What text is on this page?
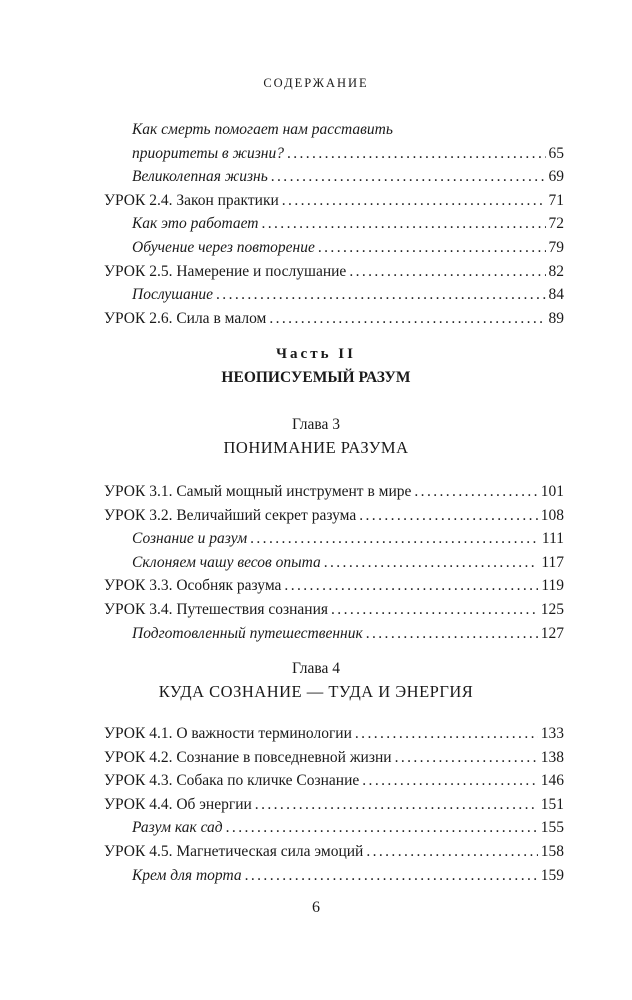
СОДЕРЖАНИЕ
Как смерть помогает нам расставить
приоритеты в жизни? .....	65
Великолепная жизнь .....	69
УРОК 2.4. Закон практики .....	71
Как это работает .....	72
Обучение через повторение .....	79
УРОК 2.5. Намерение и послушание .....	82
Послушание .....	84
УРОК 2.6. Сила в малом .....	89
Часть II
НЕОПИСУЕМЫЙ РАЗУМ
Глава 3
ПОНИМАНИЕ РАЗУМА
УРОК 3.1. Самый мощный инструмент в мире .....	101
УРОК 3.2. Величайший секрет разума .....	108
Сознание и разум .....	111
Склоняем чашу весов опыта .....	117
УРОК 3.3. Особняк разума .....	119
УРОК 3.4. Путешествия сознания .....	125
Подготовленный путешественник .....	127
Глава 4
КУДА СОЗНАНИЕ — ТУДА И ЭНЕРГИЯ
УРОК 4.1. О важности терминологии .....	133
УРОК 4.2. Сознание в повседневной жизни .....	138
УРОК 4.3. Собака по кличке Сознание .....	146
УРОК 4.4. Об энергии .....	151
Разум как сад .....	155
УРОК 4.5. Магнетическая сила эмоций .....	158
Крем для торта .....	159
6
